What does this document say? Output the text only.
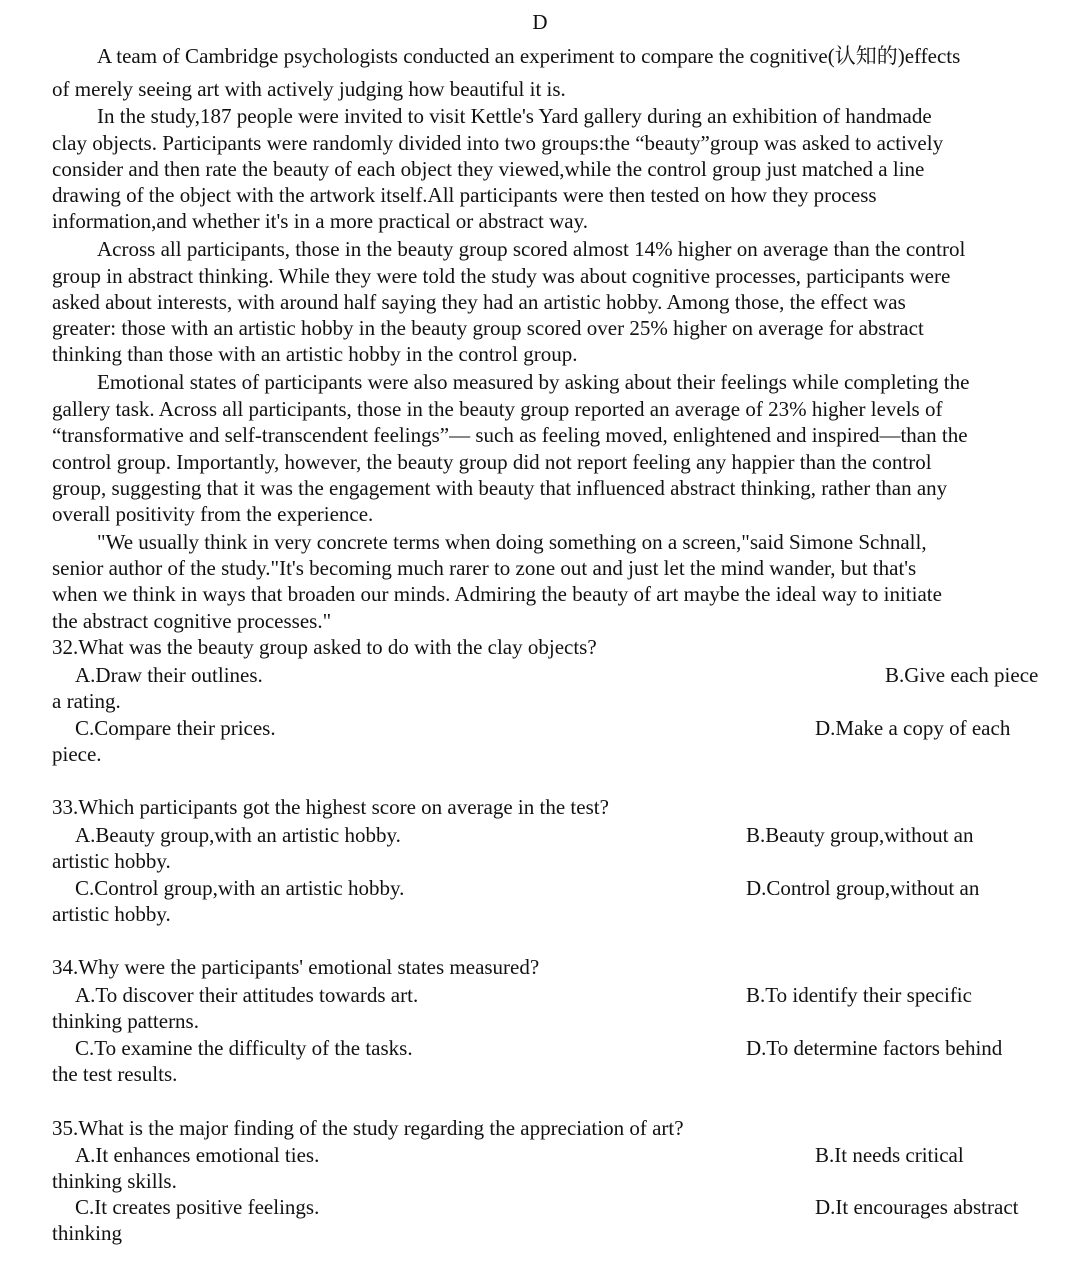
D
A team of Cambridge psychologists conducted an experiment to compare the cognitive(认知的)effects
of merely seeing art with actively judging how beautiful it is.
In the study,187 people were invited to visit Kettle's Yard gallery during an exhibition of handmade
clay objects. Participants were randomly divided into two groups:the “beauty”group was asked to actively
consider and then rate the beauty of each object they viewed,while the control group just matched a line
drawing of the object with the artwork itself.All participants were then tested on how they process
information,and whether it's in a more practical or abstract way.
Across all participants, those in the beauty group scored almost 14% higher on average than the control
group in abstract thinking. While they were told the study was about cognitive processes, participants were
asked about interests, with around half saying they had an artistic hobby. Among those, the effect was
greater: those with an artistic hobby in the beauty group scored over 25% higher on average for abstract
thinking than those with an artistic hobby in the control group.
Emotional states of participants were also measured by asking about their feelings while completing the
gallery task. Across all participants, those in the beauty group reported an average of 23% higher levels of
“transformative and self-transcendent feelings”— such as feeling moved, enlightened and inspired—than the
control group. Importantly, however, the beauty group did not report feeling any happier than the control
group, suggesting that it was the engagement with beauty that influenced abstract thinking, rather than any
overall positivity from the experience.
"We usually think in very concrete terms when doing something on a screen,"said Simone Schnall,
senior author of the study."It's becoming much rarer to zone out and just let the mind wander, but that's
when we think in ways that broaden our minds. Admiring the beauty of art maybe the ideal way to initiate
the abstract cognitive processes."
32.What was the beauty group asked to do with the clay objects?
A.Draw their outlines.	B.Give each piece
a rating.
C.Compare their prices.	D.Make a copy of each
piece.
33.Which participants got the highest score on average in the test?
A.Beauty group,with an artistic hobby.	B.Beauty group,without an
artistic hobby.
C.Control group,with an artistic hobby.	D.Control group,without an
artistic hobby.
34.Why were the participants' emotional states measured?
A.To discover their attitudes towards art.	B.To identify their specific
thinking patterns.
C.To examine the difficulty of the tasks.	D.To determine factors behind
the test results.
35.What is the major finding of the study regarding the appreciation of art?
A.It enhances emotional ties.	B.It needs critical
thinking skills.
C.It creates positive feelings.	D.It encourages abstract
thinking
